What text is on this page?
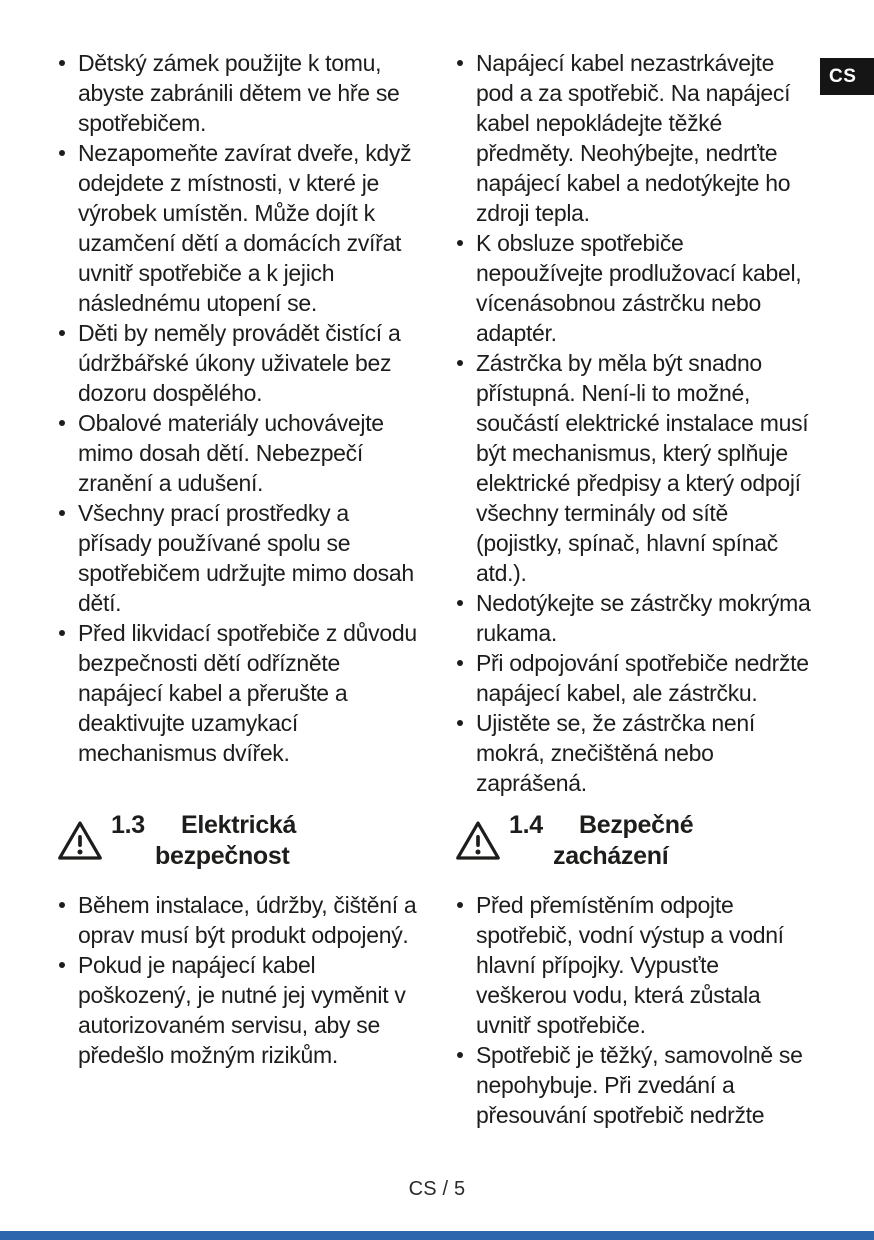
CS
Dětský zámek použijte k tomu, abyste zabránili dětem ve hře se spotřebičem.
Nezapomeňte zavírat dveře, když odejdete z místnosti, v které je výrobek umístěn. Může dojít k uzamčení dětí a domácích zvířat uvnitř spotřebiče a k jejich následnému utopení se.
Děti by neměly provádět čistící a údržbářské úkony uživatele bez dozoru dospělého.
Obalové materiály uchovávejte mimo dosah dětí. Nebezpečí zranění a udušení.
Všechny prací prostředky a přísady používané spolu se spotřebičem udržujte mimo dosah dětí.
Před likvidací spotřebiče z důvodu bezpečnosti dětí odřízněte napájecí kabel a přerušte a deaktivujte uzamykací mechanismus dvířek.
1.3 Elektrická
bezpečnost
Během instalace, údržby, čištění a oprav musí být produkt odpojený.
Pokud je napájecí kabel poškozený, je nutné jej vyměnit v autorizovaném servisu, aby se předešlo možným rizikům.
Napájecí kabel nezastrkávejte pod a za spotřebič. Na napájecí kabel nepokládejte těžké předměty. Neohýbejte, nedrťte napájecí kabel a nedotýkejte ho zdroji tepla.
K obsluze spotřebiče nepoužívejte prodlužovací kabel, vícenásobnou zástrčku nebo adaptér.
Zástrčka by měla být snadno přístupná. Není-li to možné, součástí elektrické instalace musí být mechanismus, který splňuje elektrické předpisy a který odpojí všechny terminály od sítě (pojistky, spínač, hlavní spínač atd.).
Nedotýkejte se zástrčky mokrýma rukama.
Při odpojování spotřebiče nedržte napájecí kabel, ale zástrčku.
Ujistěte se, že zástrčka není mokrá, znečištěná nebo zaprášená.
1.4 Bezpečné
zacházení
Před přemístěním odpojte spotřebič, vodní výstup a vodní hlavní přípojky. Vypusťte veškerou vodu, která zůstala uvnitř spotřebiče.
Spotřebič je těžký, samovolně se nepohybuje. Při zvedání a přesouvání spotřebič nedržte
CS / 5
